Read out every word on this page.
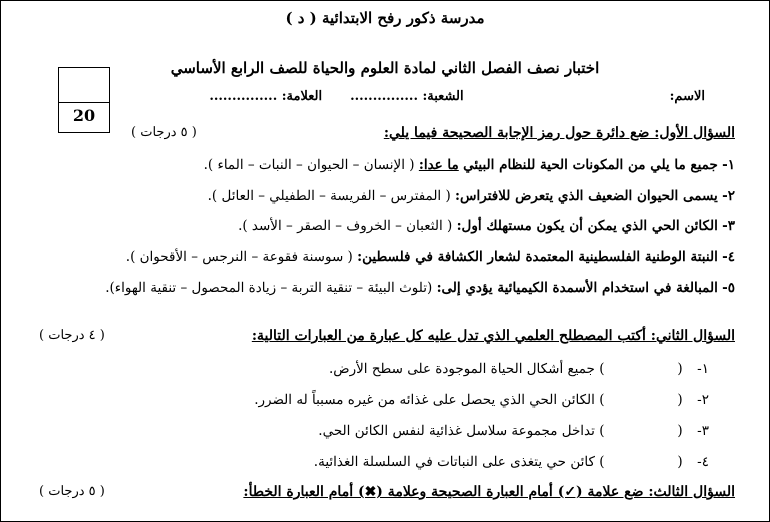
مدرسة ذكور رفح الابتدائية ( د )
اختبار نصف الفصل الثاني لمادة العلوم والحياة للصف الرابع الأساسي
الاسم:
الشعبة: ...............
العلامة: ...............
20
السؤال الأول: ضع دائرة حول رمز الإجابة الصحيحة فيما يلي:
( ٥ درجات )
١- جميع ما يلي من المكونات الحية للنظام البيئي ما عدا: ( الإنسان – الحيوان – النبات – الماء ).
٢- يسمى الحيوان الضعيف الذي يتعرض للافتراس: ( المفترس – الفريسة – الطفيلي – العائل ).
٣- الكائن الحي الذي يمكن أن يكون مستهلك أول: ( الثعبان – الخروف – الصقر – الأسد ).
٤- النبتة الوطنية الفلسطينية المعتمدة لشعار الكشافة في فلسطين: ( سوسنة فقوعة – النرجس – الأقحوان ).
٥- المبالغة في استخدام الأسمدة الكيميائية يؤدي إلى: (تلوث البيئة – تنقية التربة – زيادة المحصول – تنقية الهواء).
السؤال الثاني: أكتب المصطلح العلمي الذي تدل عليه كل عبارة من العبارات التالية:
( ٤ درجات )
١- (                 ) جميع أشكال الحياة الموجودة على سطح الأرض.
٢- (                 ) الكائن الحي الذي يحصل على غذائه من غيره مسبباً له الضرر.
٣- (                 ) تداخل مجموعة سلاسل غذائية لنفس الكائن الحي.
٤- (                 ) كائن حي يتغذى على النباتات في السلسلة الغذائية.
السؤال الثالث: ضع علامة (✓) أمام العبارة الصحيحة وعلامة (✖) أمام العبارة الخطأ:
( ٥ درجات )
